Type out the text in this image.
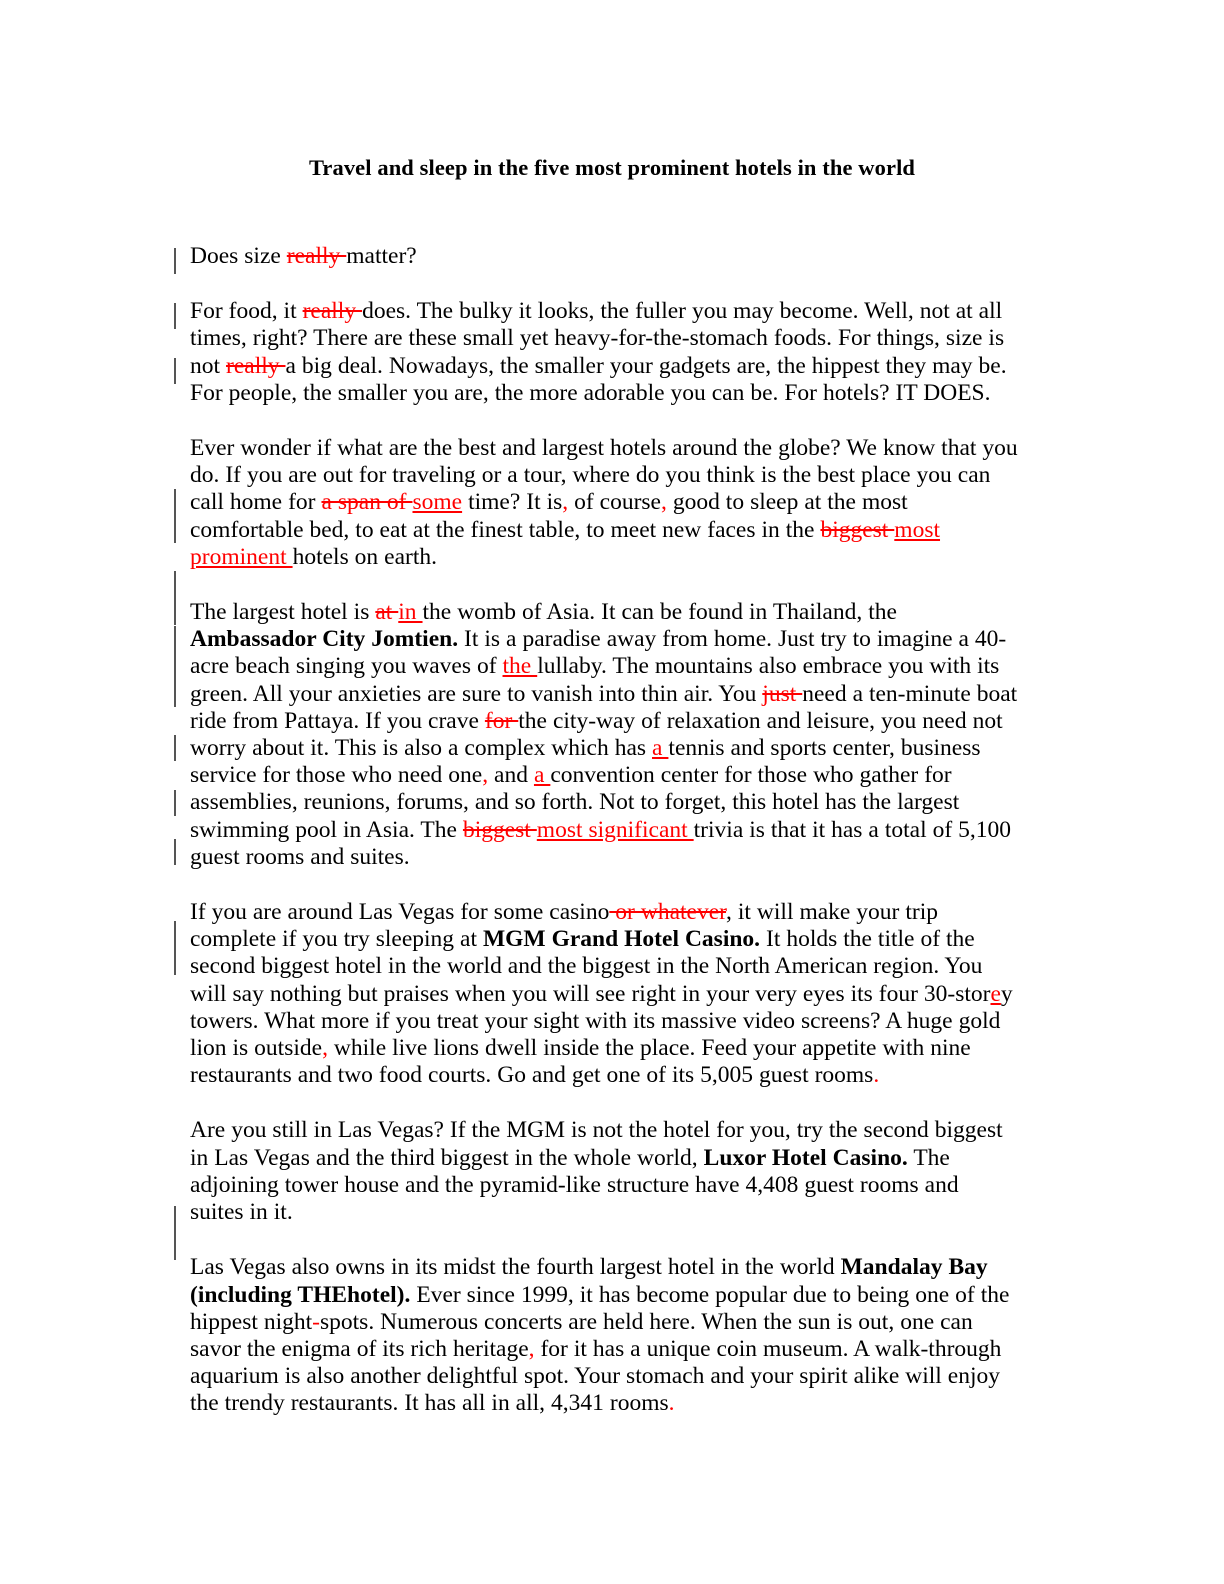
Travel and sleep in the five most prominent hotels in the world

Does size really matter?

For food, it really does. The bulky it looks, the fuller you may become. Well, not at all times, right? There are these small yet heavy-for-the-stomach foods. For things, size is not really a big deal. Nowadays, the smaller your gadgets are, the hippest they may be. For people, the smaller you are, the more adorable you can be. For hotels? IT DOES.

Ever wonder if what are the best and largest hotels around the globe? We know that you do. If you are out for traveling or a tour, where do you think is the best place you can call home for a span of some time? It is, of course, good to sleep at the most comfortable bed, to eat at the finest table, to meet new faces in the biggest most prominent hotels on earth.

The largest hotel is at in the womb of Asia. It can be found in Thailand, the Ambassador City Jomtien. It is a paradise away from home. Just try to imagine a 40-acre beach singing you waves of the lullaby. The mountains also embrace you with its green. All your anxieties are sure to vanish into thin air. You just need a ten-minute boat ride from Pattaya. If you crave for the city-way of relaxation and leisure, you need not worry about it. This is also a complex which has a tennis and sports center, business service for those who need one, and a convention center for those who gather for assemblies, reunions, forums, and so forth. Not to forget, this hotel has the largest swimming pool in Asia. The biggest most significant trivia is that it has a total of 5,100 guest rooms and suites.

If you are around Las Vegas for some casino or whatever, it will make your trip complete if you try sleeping at MGM Grand Hotel Casino. It holds the title of the second biggest hotel in the world and the biggest in the North American region. You will say nothing but praises when you will see right in your very eyes its four 30-storey towers. What more if you treat your sight with its massive video screens? A huge gold lion is outside, while live lions dwell inside the place. Feed your appetite with nine restaurants and two food courts. Go and get one of its 5,005 guest rooms.

Are you still in Las Vegas? If the MGM is not the hotel for you, try the second biggest in Las Vegas and the third biggest in the whole world, Luxor Hotel Casino. The adjoining tower house and the pyramid-like structure have 4,408 guest rooms and suites in it.

Las Vegas also owns in its midst the fourth largest hotel in the world Mandalay Bay (including THEhotel). Ever since 1999, it has become popular due to being one of the hippest night-spots. Numerous concerts are held here. When the sun is out, one can savor the enigma of its rich heritage, for it has a unique coin museum. A walk-through aquarium is also another delightful spot. Your stomach and your spirit alike will enjoy the trendy restaurants. It has all in all, 4,341 rooms.
